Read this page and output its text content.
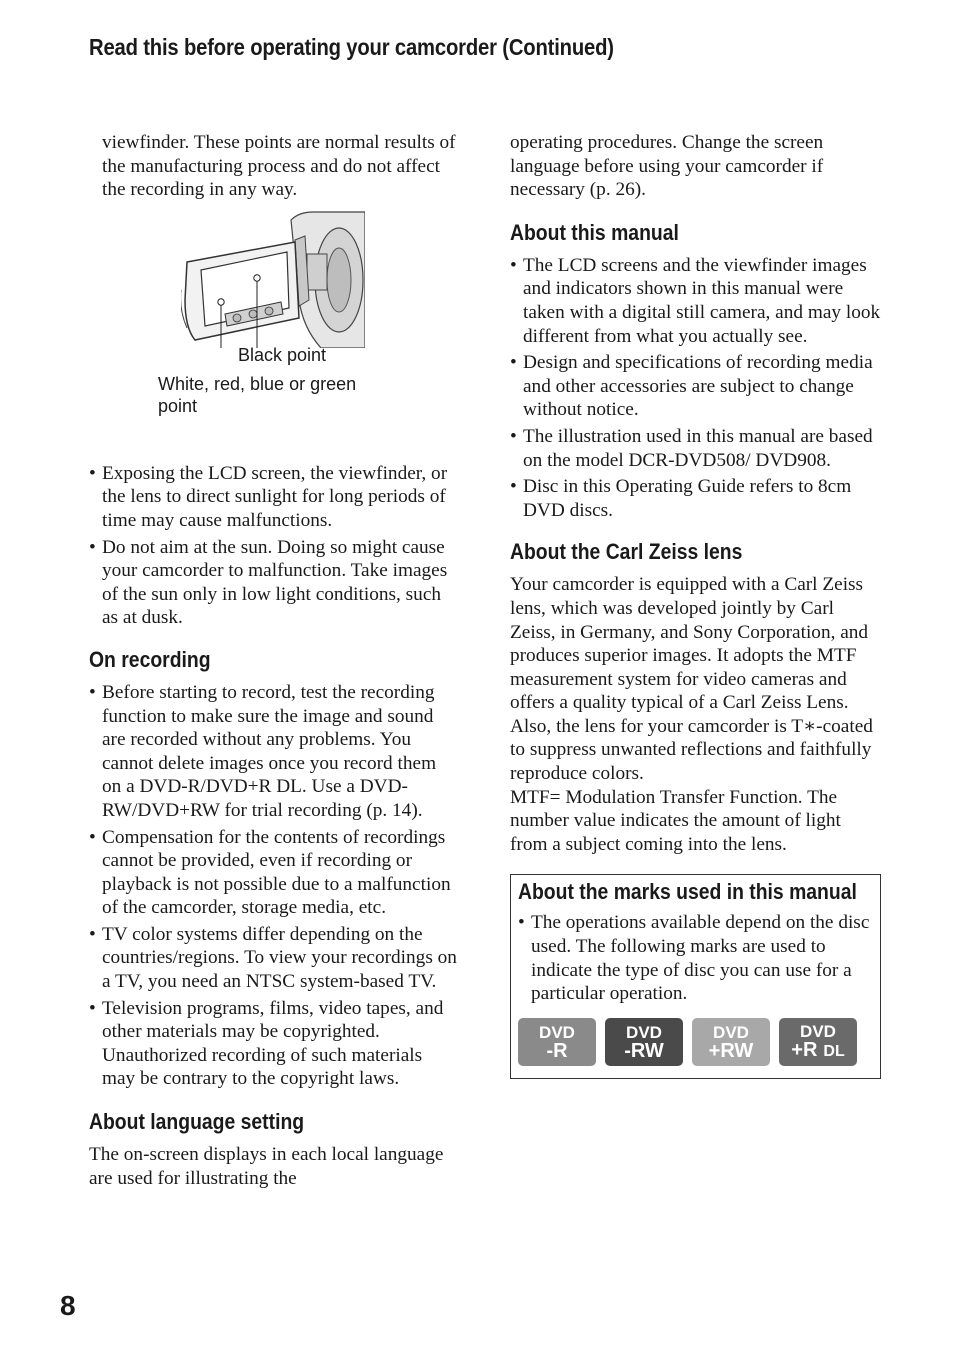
Read this before operating your camcorder (Continued)

viewfinder. These points are normal results of the manufacturing process and do not affect the recording in any way.

Black point
White, red, blue or green point
• Exposing the LCD screen, the viewfinder, or the lens to direct sunlight for long periods of time may cause malfunctions.
• Do not aim at the sun. Doing so might cause your camcorder to malfunction. Take images of the sun only in low light conditions, such as at dusk.
On recording
• Before starting to record, test the recording function to make sure the image and sound are recorded without any problems. You cannot delete images once you record them on a DVD-R/DVD+R DL. Use a DVD-RW/DVD+RW for trial recording (p. 14).
• Compensation for the contents of recordings cannot be provided, even if recording or playback is not possible due to a malfunction of the camcorder, storage media, etc.
• TV color systems differ depending on the countries/regions. To view your recordings on a TV, you need an NTSC system-based TV.
• Television programs, films, video tapes, and other materials may be copyrighted. Unauthorized recording of such materials may be contrary to the copyright laws.
About language setting

The on-screen displays in each local language are used for illustrating the

operating procedures. Change the screen language before using your camcorder if necessary (p. 26).

About this manual
• The LCD screens and the viewfinder images and indicators shown in this manual were taken with a digital still camera, and may look different from what you actually see.
• Design and specifications of recording media and other accessories are subject to change without notice.
• The illustration used in this manual are based on the model DCR-DVD508/ DVD908.
• Disc in this Operating Guide refers to 8cm DVD discs.
About the Carl Zeiss lens

Your camcorder is equipped with a Carl Zeiss lens, which was developed jointly by Carl Zeiss, in Germany, and Sony Corporation, and produces superior images. It adopts the MTF measurement system for video cameras and offers a quality typical of a Carl Zeiss Lens. Also, the lens for your camcorder is T∗-coated to suppress unwanted reflections and faithfully reproduce colors.

MTF= Modulation Transfer Function. The number value indicates the amount of light from a subject coming into the lens.

About the marks used in this manual
• The operations available depend on the disc used. The following marks are used to indicate the type of disc you can use for a particular operation.
DVD
-R
DVD
-RW
DVD
+RW
DVD
+R DL
8
